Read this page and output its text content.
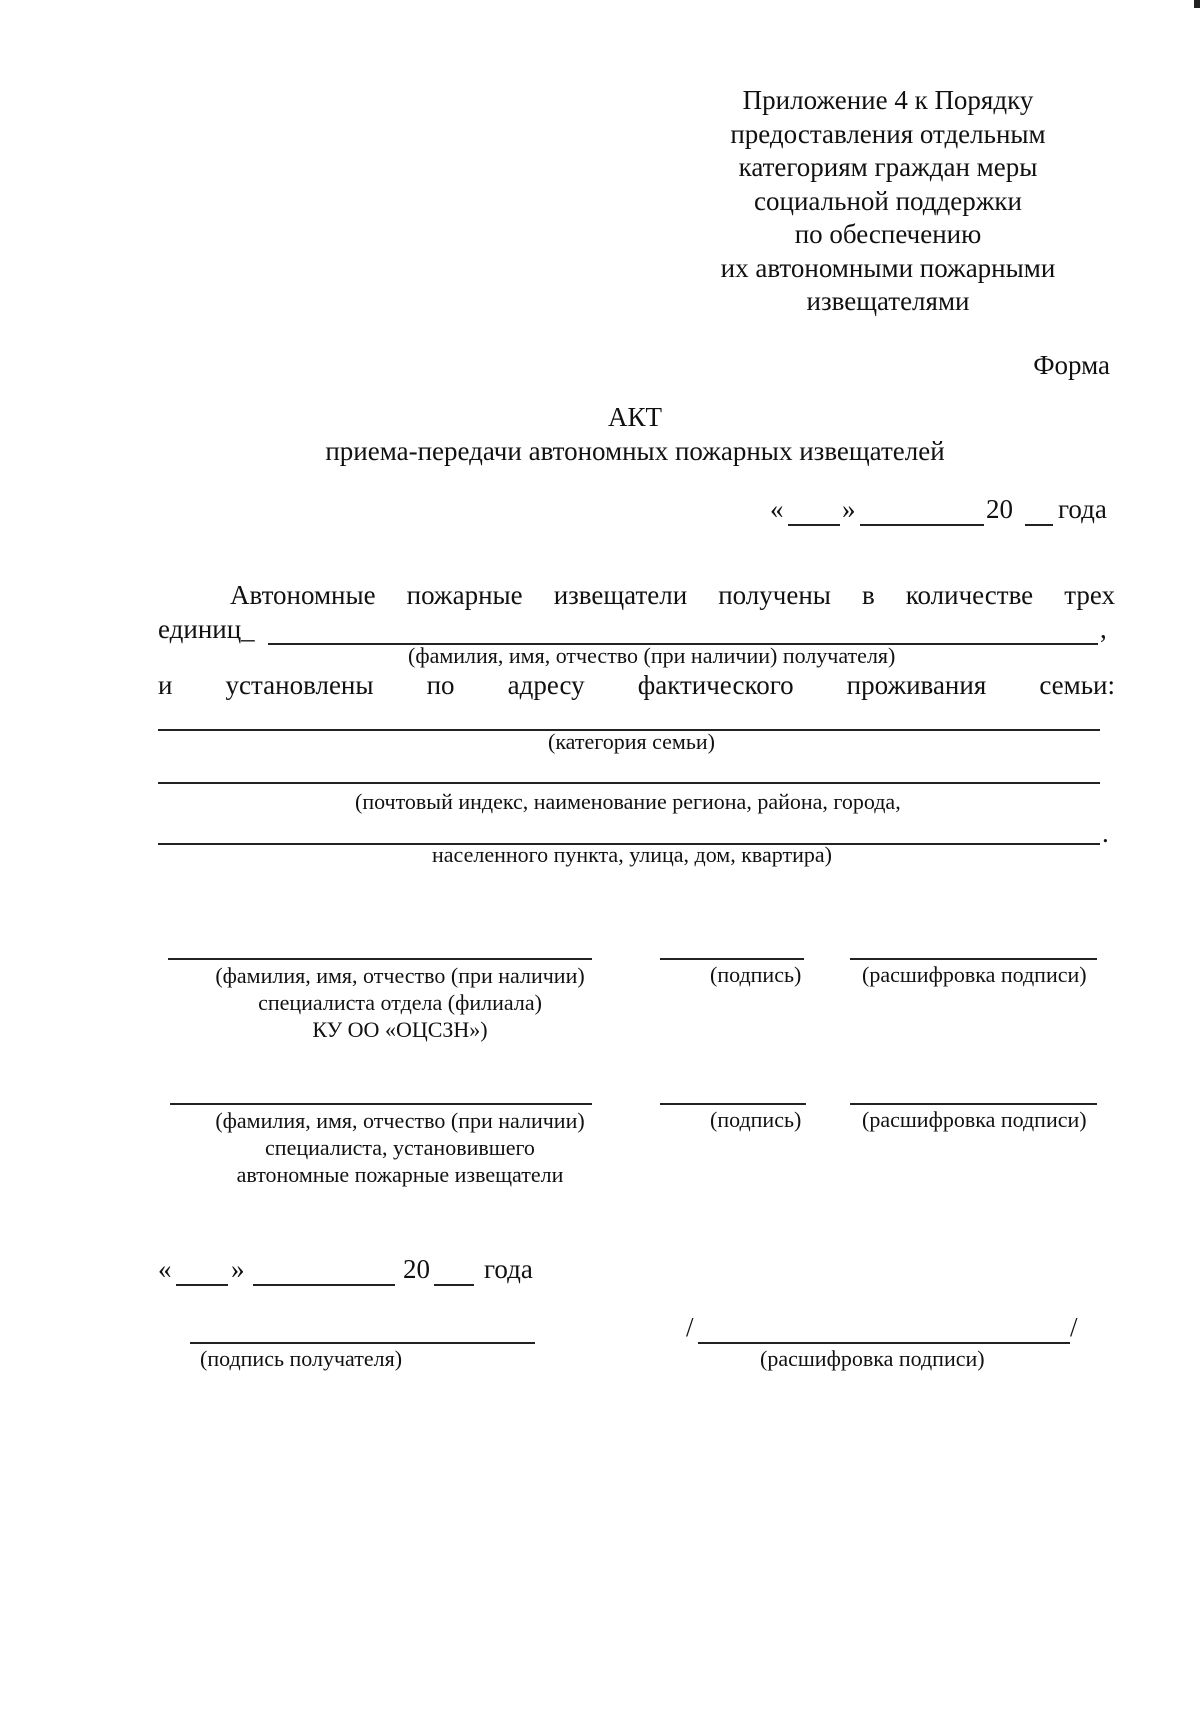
Приложение 4 к Порядку
предоставления отдельным
категориям граждан меры
социальной поддержки
по обеспечению
их автономными пожарными
извещателями
Форма
АКТ
приема-передачи автономных пожарных извещателей
« »	20 года
Автономные пожарные извещатели получены в количестве трех
единиц_	,
(фамилия, имя, отчество (при наличии) получателя)
и установлены по адресу фактического проживания семьи:
(категория семьи)
(почтовый индекс, наименование региона, района, города,
.
населенного пункта, улица, дом, квартира)
(фамилия, имя, отчество (при наличии)
специалиста отдела (филиала)
КУ ОО «ОЦСЗН»)
(подпись)	(расшифровка подписи)
(фамилия, имя, отчество (при наличии)
специалиста, установившего
автономные пожарные извещатели
(подпись)	(расшифровка подписи)
« »	20 года
(подпись получателя)
/	/
(расшифровка подписи)
